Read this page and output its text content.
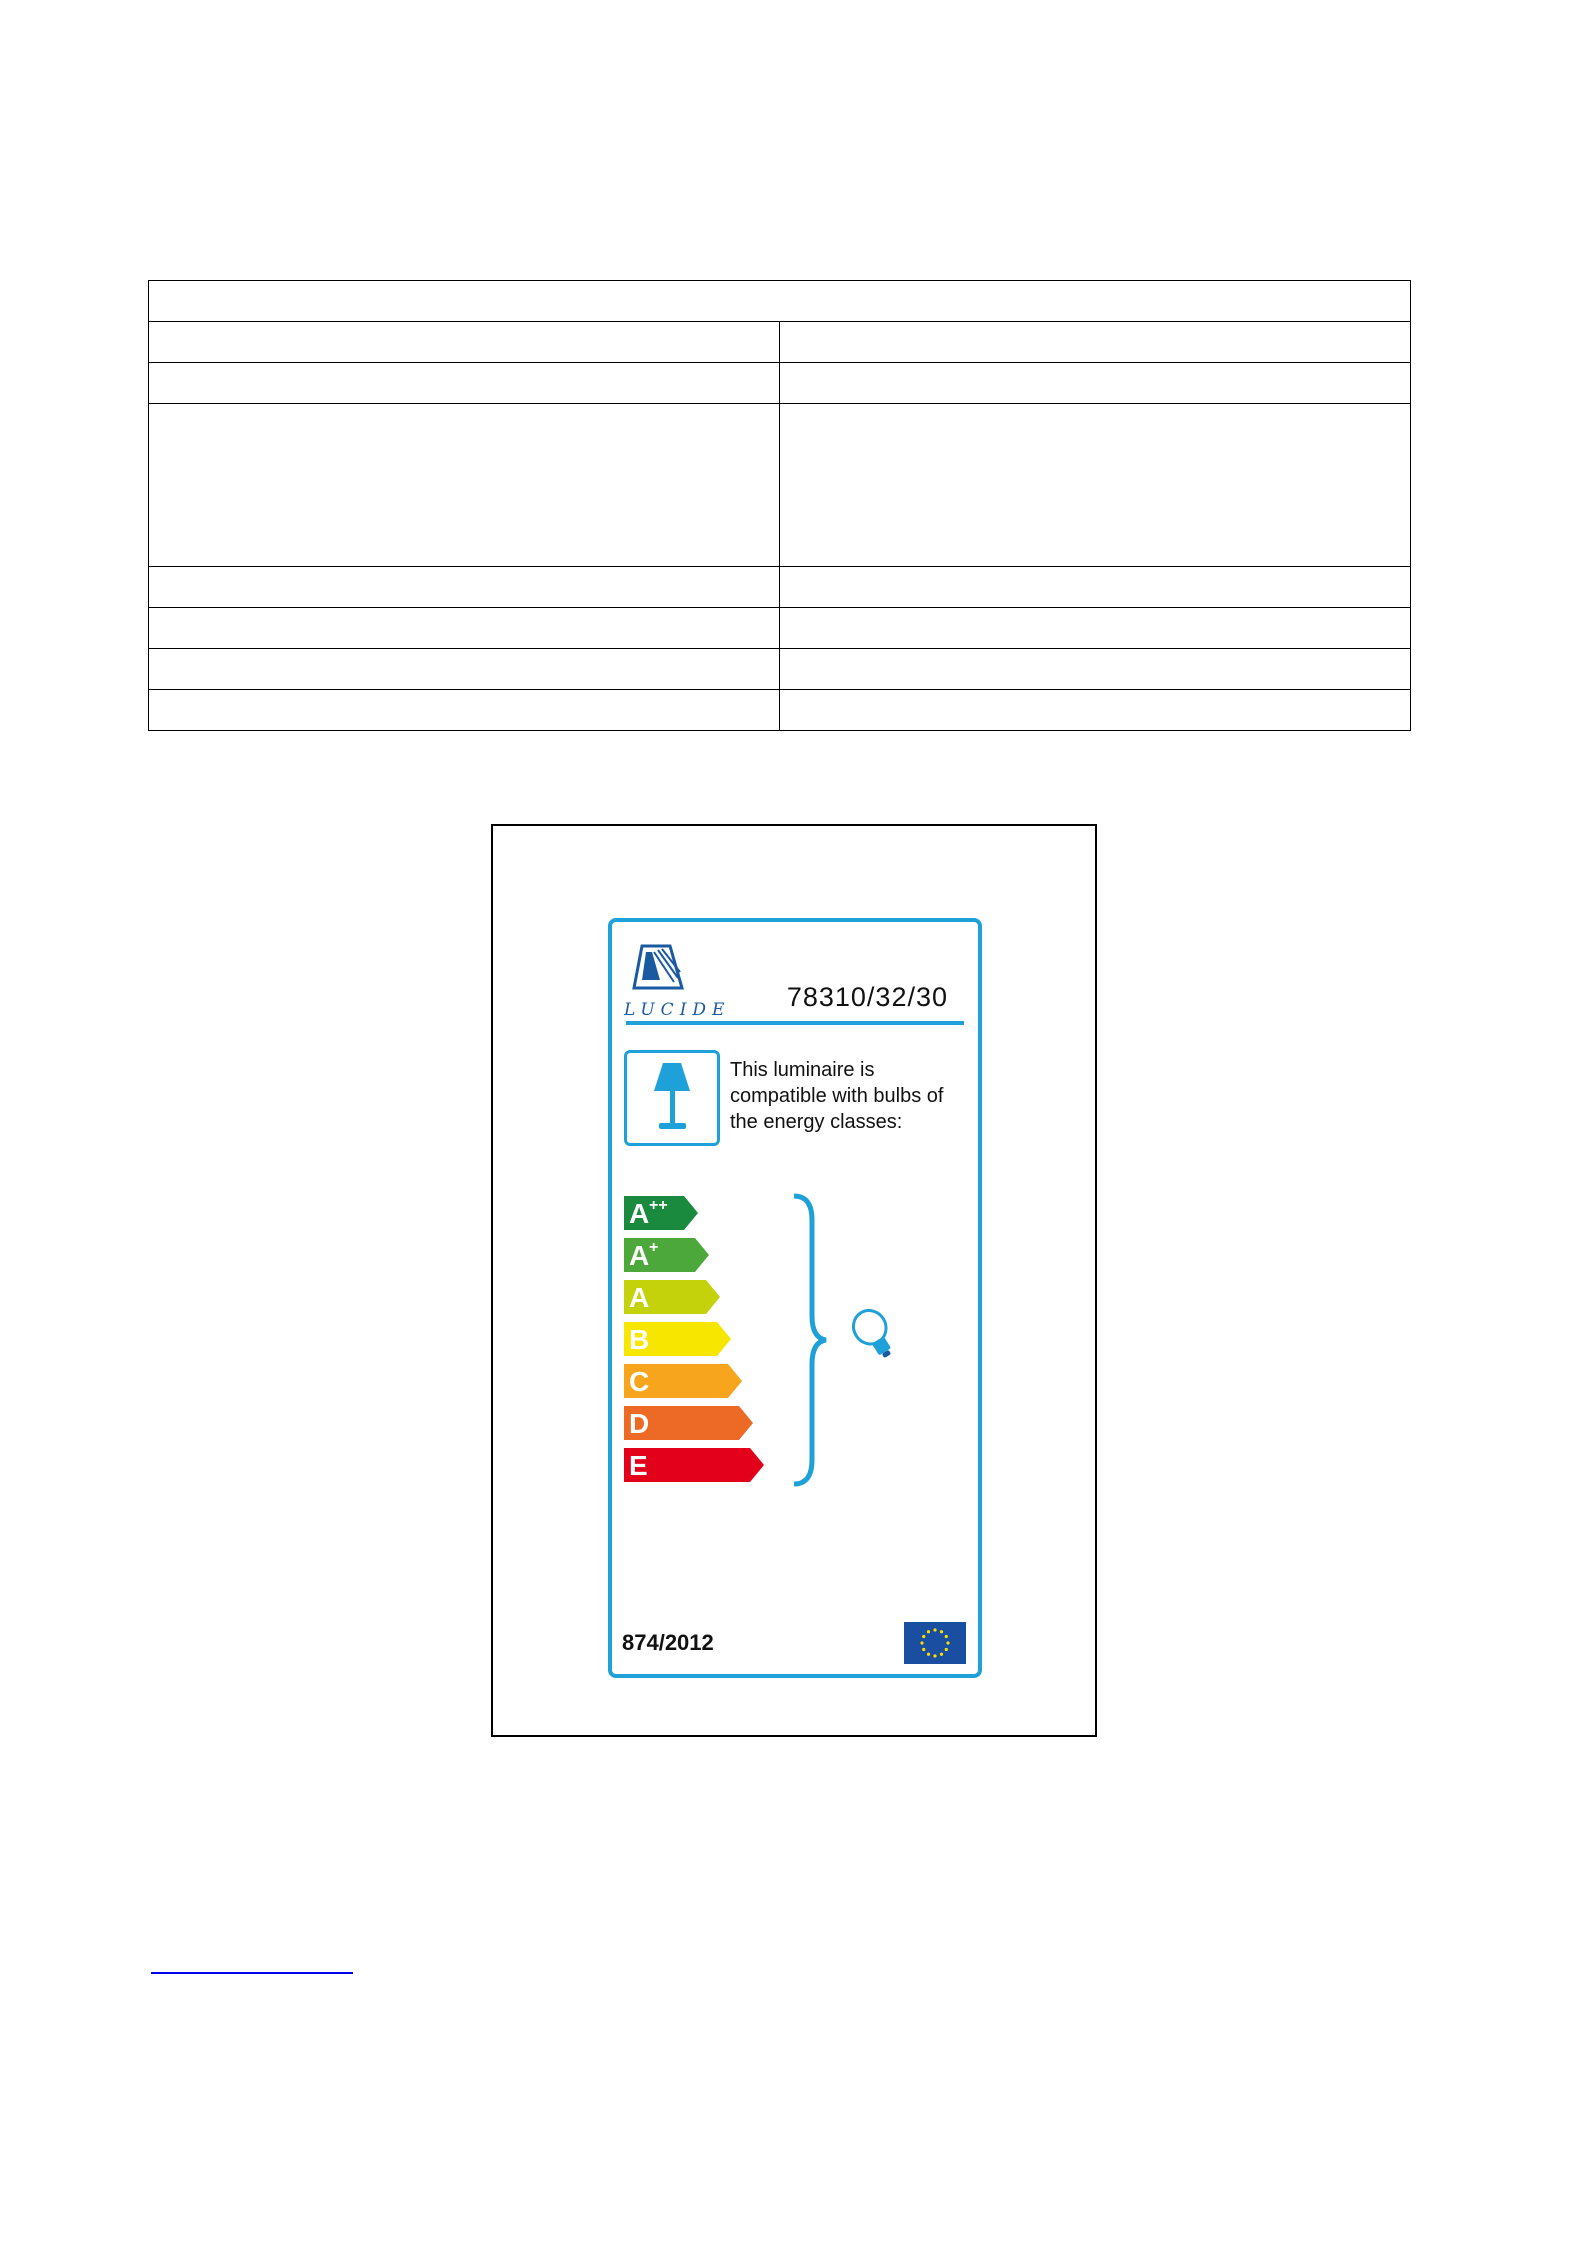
LUCIDE 78310/32/30
This luminaire is compatible with bulbs of the energy classes:
A ++
A +
A
B
C
D
E
874/2012
